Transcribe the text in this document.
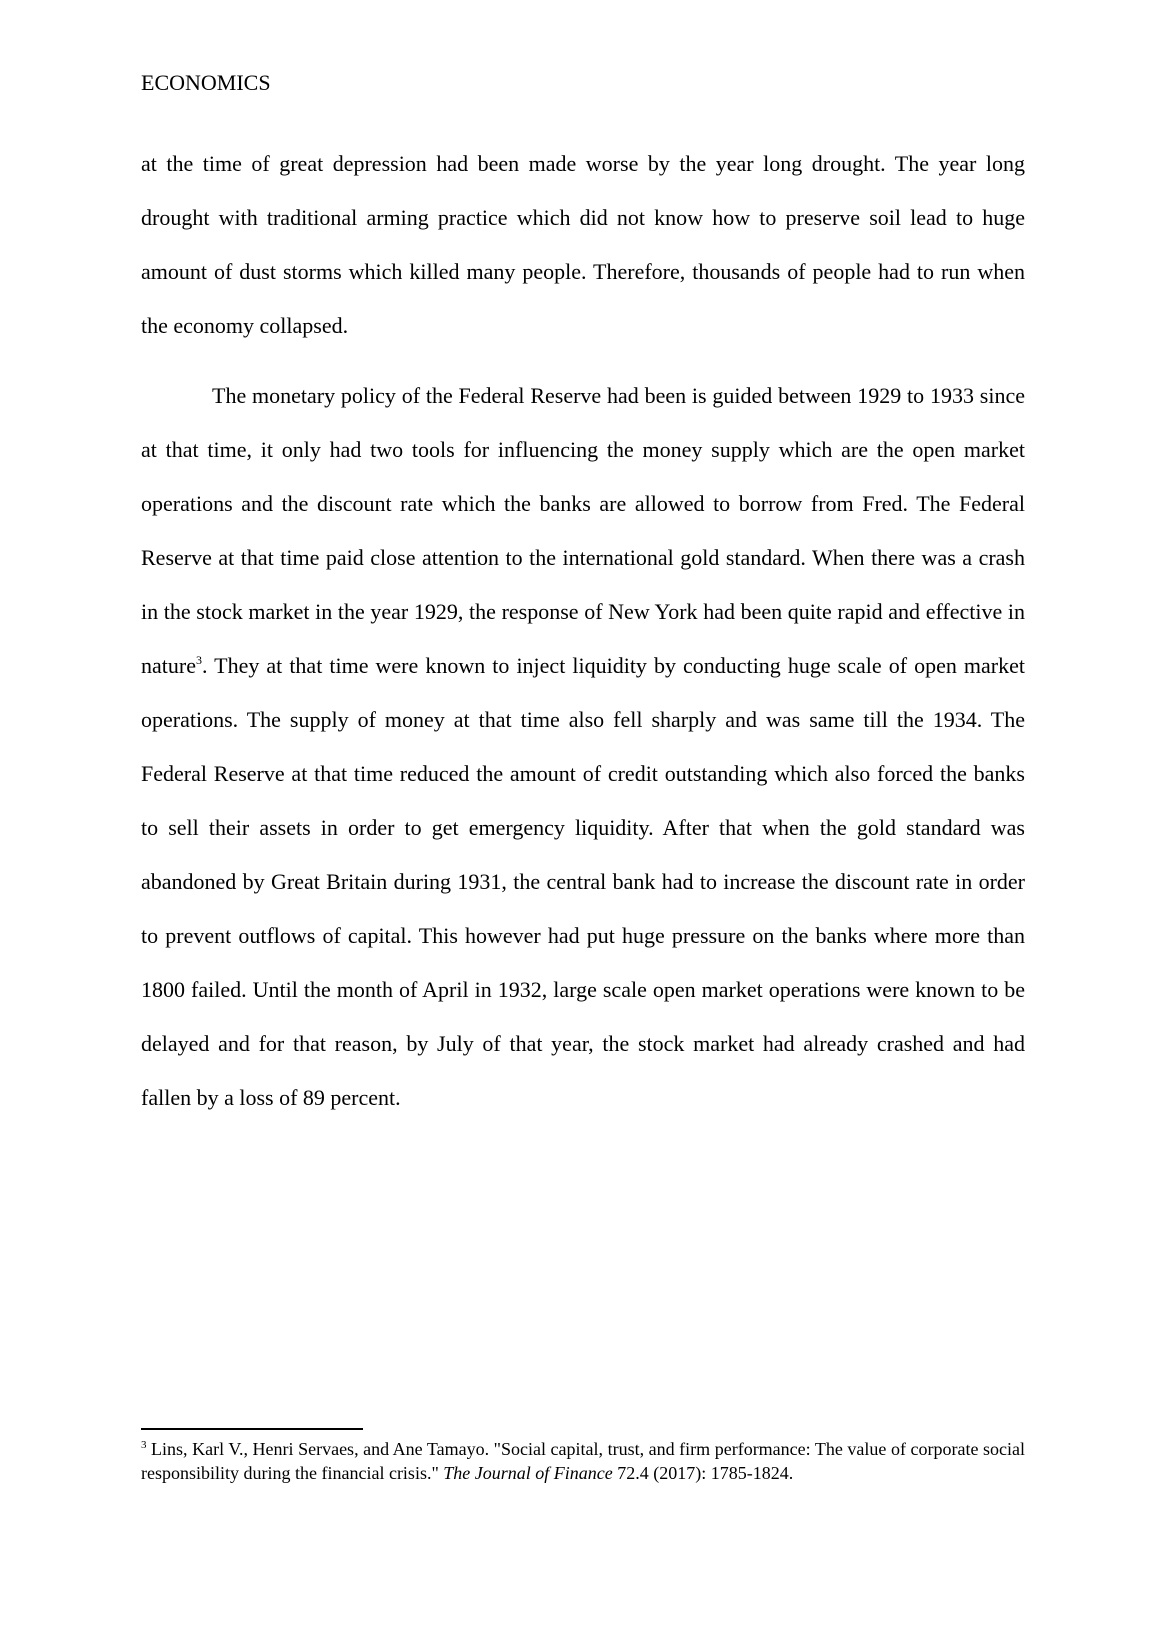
ECONOMICS

at the time of great depression had been made worse by the year long drought. The year long drought with traditional arming practice which did not know how to preserve soil lead to huge amount of dust storms which killed many people. Therefore, thousands of people had to run when the economy collapsed.

The monetary policy of the Federal Reserve had been is guided between 1929 to 1933 since at that time, it only had two tools for influencing the money supply which are the open market operations and the discount rate which the banks are allowed to borrow from Fred. The Federal Reserve at that time paid close attention to the international gold standard. When there was a crash in the stock market in the year 1929, the response of New York had been quite rapid and effective in nature$^3$. They at that time were known to inject liquidity by conducting huge scale of open market operations. The supply of money at that time also fell sharply and was same till the 1934. The Federal Reserve at that time reduced the amount of credit outstanding which also forced the banks to sell their assets in order to get emergency liquidity. After that when the gold standard was abandoned by Great Britain during 1931, the central bank had to increase the discount rate in order to prevent outflows of capital. This however had put huge pressure on the banks where more than 1800 failed. Until the month of April in 1932, large scale open market operations were known to be delayed and for that reason, by July of that year, the stock market had already crashed and had fallen by a loss of 89 percent.

$^3$ Lins, Karl V., Henri Servaes, and Ane Tamayo. "Social capital, trust, and firm performance: The value of corporate social responsibility during the financial crisis." The Journal of Finance 72.4 (2017): 1785-1824.
